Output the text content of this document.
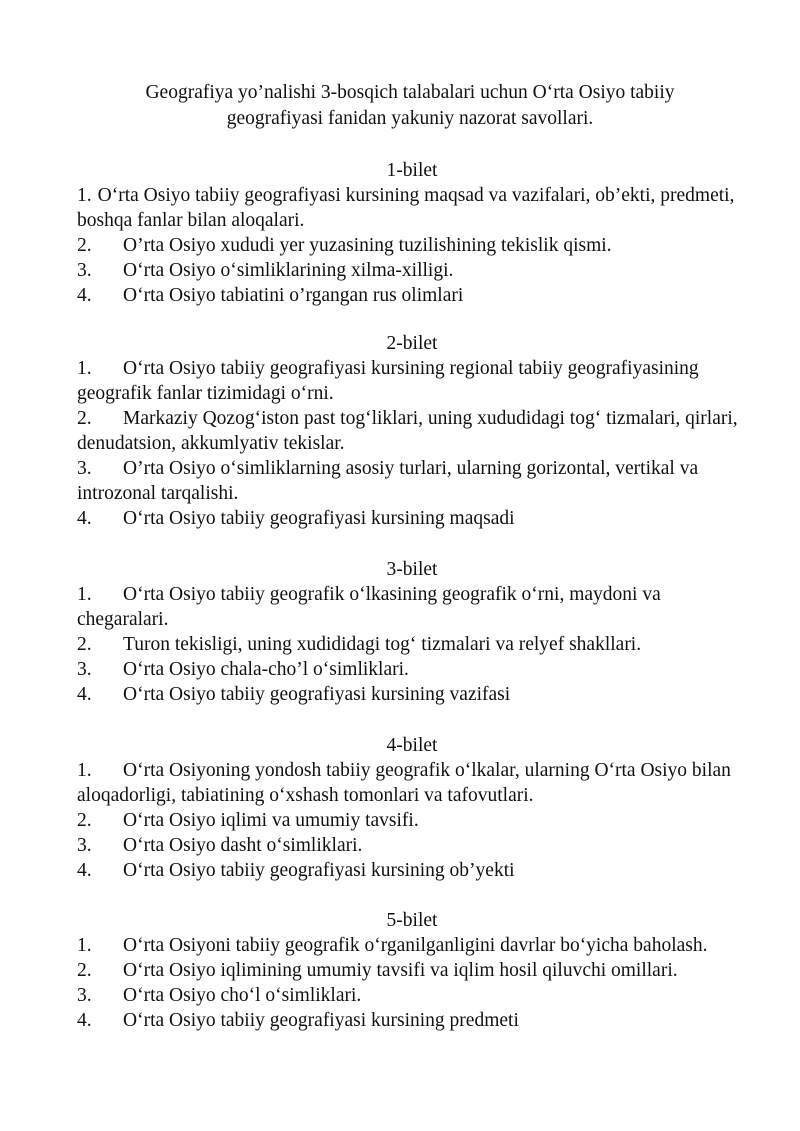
Geografiya yo’nalishi 3-bosqich talabalari uchun O‘rta Osiyo tabiiy
geografiyasi fanidan yakuniy nazorat savollari.
1-bilet
1. O‘rta Osiyo tabiiy geografiyasi kursining maqsad va vazifalari, ob’ekti, predmeti, boshqa fanlar bilan aloqalari.
2. O’rta Osiyo xududi yer yuzasining tuzilishining tekislik qismi.
3. O‘rta Osiyo o‘simliklarining xilma-xilligi.
4. O‘rta Osiyo tabiatini o’rgangan rus olimlari
2-bilet
1. O‘rta Osiyo tabiiy geografiyasi kursining regional tabiiy geografiyasining geografik fanlar tizimidagi o‘rni.
2. Markaziy Qozog‘iston past tog‘liklari, uning xududidagi tog‘ tizmalari, qirlari, denudatsion, akkumlyativ tekislar.
3. O’rta Osiyo o‘simliklarning asosiy turlari, ularning gorizontal, vertikal va introzonal tarqalishi.
4. O‘rta Osiyo tabiiy geografiyasi kursining maqsadi
3-bilet
1. O‘rta Osiyo tabiiy geografik o‘lkasining geografik o‘rni, maydoni va chegaralari.
2. Turon tekisligi, uning xudididagi tog‘ tizmalari va relyef shakllari.
3. O‘rta Osiyo chala-cho’l o‘simliklari.
4. O‘rta Osiyo tabiiy geografiyasi kursining vazifasi
4-bilet
1. O‘rta Osiyoning yondosh tabiiy geografik o‘lkalar, ularning O‘rta Osiyo bilan aloqadorligi, tabiatining o‘xshash tomonlari va tafovutlari.
2. O‘rta Osiyo iqlimi va umumiy tavsifi.
3. O‘rta Osiyo dasht o‘simliklari.
4. O‘rta Osiyo tabiiy geografiyasi kursining ob’yekti
5-bilet
1. O‘rta Osiyoni tabiiy geografik o‘rganilganligini davrlar bo‘yicha baholash.
2. O‘rta Osiyo iqlimining umumiy tavsifi va iqlim hosil qiluvchi omillari.
3. O‘rta Osiyo cho‘l o‘simliklari.
4. O‘rta Osiyo tabiiy geografiyasi kursining predmeti
